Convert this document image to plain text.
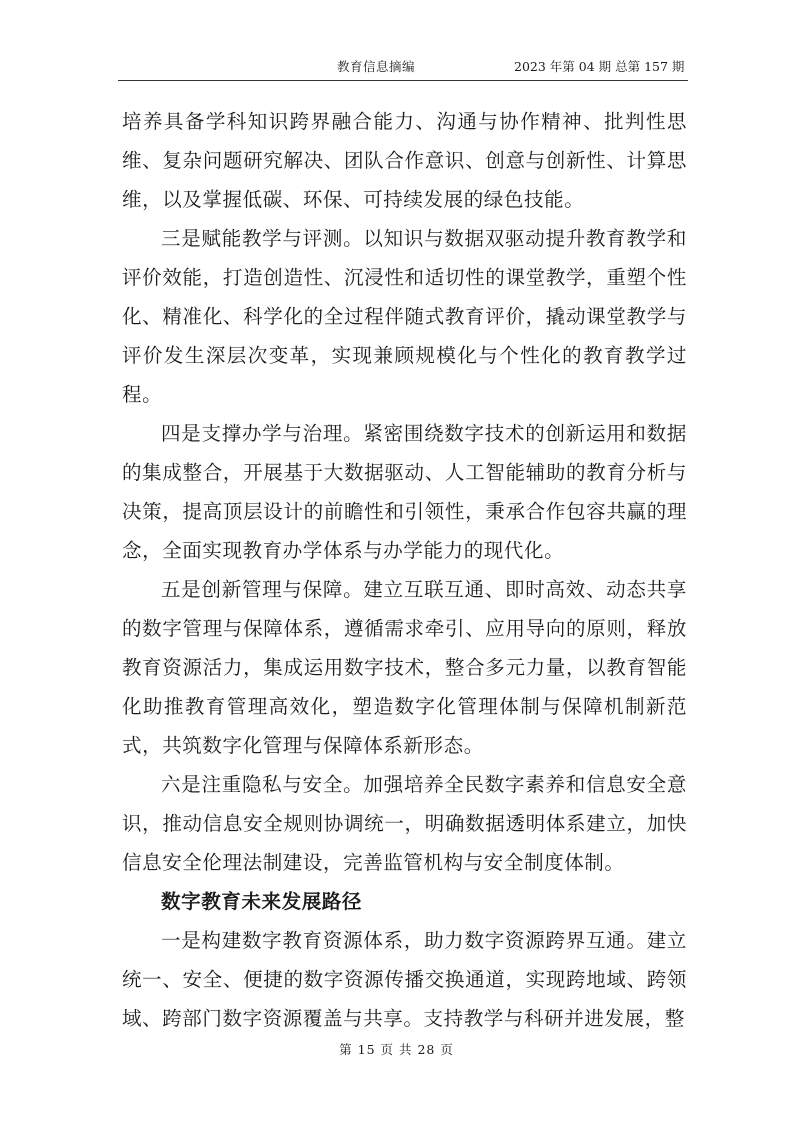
教育信息摘编	2023 年第 04 期 总第 157 期

培养具备学科知识跨界融合能力、沟通与协作精神、批判性思维、复杂问题研究解决、团队合作意识、创意与创新性、计算思维，以及掌握低碳、环保、可持续发展的绿色技能。

三是赋能教学与评测。以知识与数据双驱动提升教育教学和评价效能，打造创造性、沉浸性和适切性的课堂教学，重塑个性化、精准化、科学化的全过程伴随式教育评价，撬动课堂教学与评价发生深层次变革，实现兼顾规模化与个性化的教育教学过程。

四是支撑办学与治理。紧密围绕数字技术的创新运用和数据的集成整合，开展基于大数据驱动、人工智能辅助的教育分析与决策，提高顶层设计的前瞻性和引领性，秉承合作包容共赢的理念，全面实现教育办学体系与办学能力的现代化。

五是创新管理与保障。建立互联互通、即时高效、动态共享的数字管理与保障体系，遵循需求牵引、应用导向的原则，释放教育资源活力，集成运用数字技术，整合多元力量，以教育智能化助推教育管理高效化，塑造数字化管理体制与保障机制新范式，共筑数字化管理与保障体系新形态。

六是注重隐私与安全。加强培养全民数字素养和信息安全意识，推动信息安全规则协调统一，明确数据透明体系建立，加快信息安全伦理法制建设，完善监管机构与安全制度体制。

数字教育未来发展路径

一是构建数字教育资源体系，助力数字资源跨界互通。建立统一、安全、便捷的数字资源传播交换通道，实现跨地域、跨领域、跨部门数字资源覆盖与共享。支持教学与科研并进发展，整

第 15 页 共 28 页
